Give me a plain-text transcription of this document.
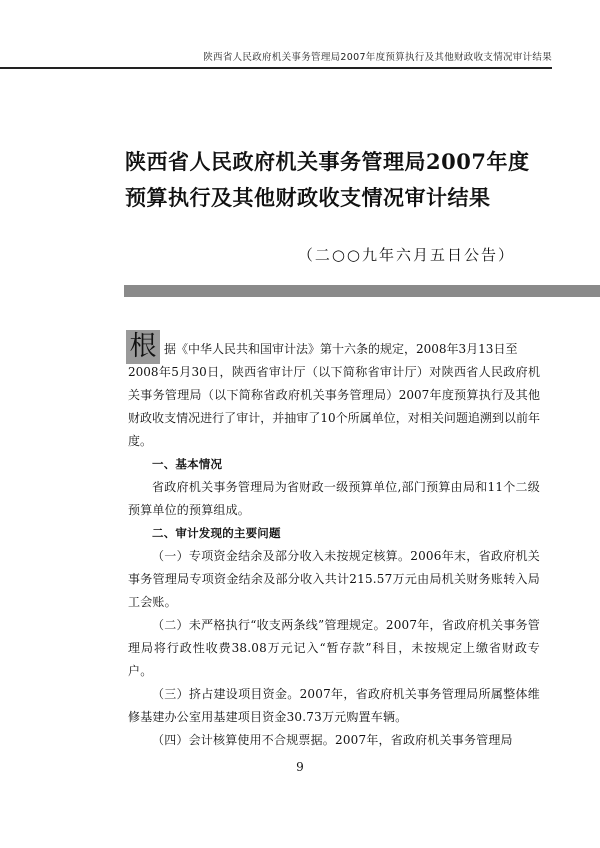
陕西省人民政府机关事务管理局2007年度预算执行及其他财政收支情况审计结果
陕西省人民政府机关事务管理局2007年度
预算执行及其他财政收支情况审计结果
（二○○九年六月五日公告）
根 据《中华人民共和国审计法》第十六条的规定，2008年3月13日至

2008年5月30日，陕西省审计厅（以下简称省审计厅）对陕西省人民政府机关事务管理局（以下简称省政府机关事务管理局）2007年度预算执行及其他财政收支情况进行了审计，并抽审了10个所属单位，对相关问题追溯到以前年度。

一、基本情况

省政府机关事务管理局为省财政一级预算单位,部门预算由局和11个二级预算单位的预算组成。

二、审计发现的主要问题

（一）专项资金结余及部分收入未按规定核算。2006年末，省政府机关事务管理局专项资金结余及部分收入共计215.57万元由局机关财务账转入局工会账。

（二）未严格执行“收支两条线”管理规定。2007年，省政府机关事务管理局将行政性收费38.08万元记入“暂存款”科目，未按规定上缴省财政专户。

（三）挤占建设项目资金。2007年，省政府机关事务管理局所属整体维修基建办公室用基建项目资金30.73万元购置车辆。

（四）会计核算使用不合规票据。2007年，省政府机关事务管理局

9
